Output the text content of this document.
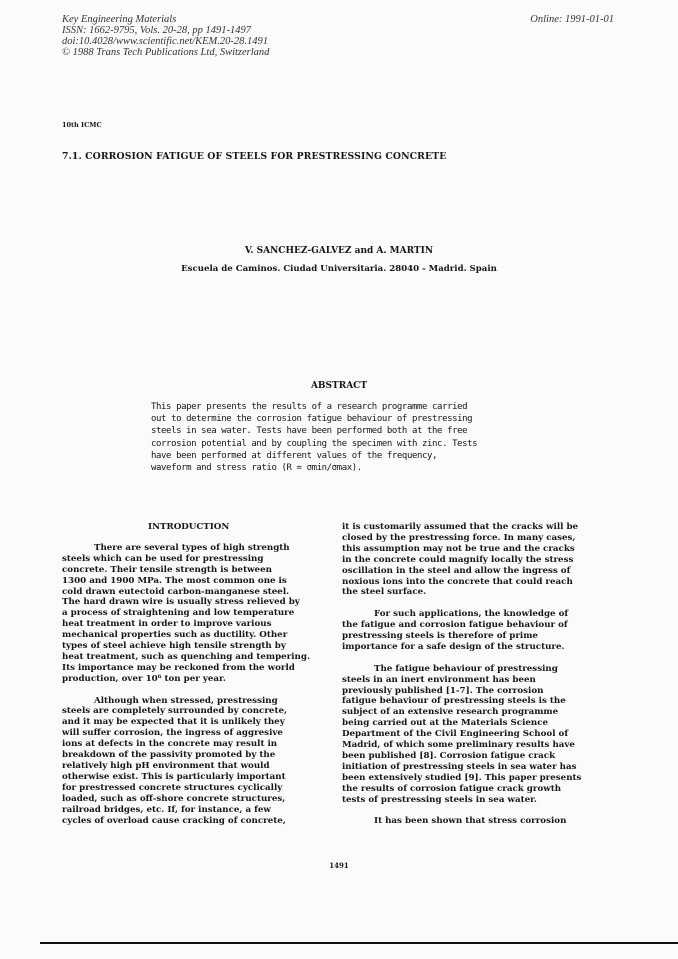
Key Engineering Materials
ISSN: 1662-9795, Vols. 20-28, pp 1491-1497
doi:10.4028/www.scientific.net/KEM.20-28.1491
© 1988 Trans Tech Publications Ltd, Switzerland
Online: 1991-01-01
10th ICMC
7.1. CORROSION FATIGUE OF STEELS FOR PRESTRESSING CONCRETE
V. SANCHEZ-GALVEZ and A. MARTIN
Escuela de Caminos. Ciudad Universitaria. 28040 - Madrid. Spain
ABSTRACT
This paper presents the results of a research programme carried
out to determine the corrosion fatigue behaviour of prestressing
steels in sea water. Tests have been performed both at the free
corrosion potential and by coupling the specimen with zinc. Tests
have been performed at different values of the frequency,
waveform and stress ratio (R = σmin/σmax).
INTRODUCTION
There are several types of high strength
steels which can be used for prestressing
concrete. Their tensile strength is between
1300 and 1900 MPa. The most common one is
cold drawn eutectoid carbon-manganese steel.
The hard drawn wire is usually stress relieved by
a process of straightening and low temperature
heat treatment in order to improve various
mechanical properties such as ductility. Other
types of steel achieve high tensile strength by
heat treatment, such as quenching and tempering.
Its importance may be reckoned from the world
production, over 10⁶ ton per year.
Although when stressed, prestressing
steels are completely surrounded by concrete,
and it may be expected that it is unlikely they
will suffer corrosion, the ingress of aggresive
ions at defects in the concrete may result in
breakdown of the passivity promoted by the
relatively high pH environment that would
otherwise exist. This is particularly important
for prestressed concrete structures cyclically
loaded, such as off-shore concrete structures,
railroad bridges, etc. If, for instance, a few
cycles of overload cause cracking of concrete,
it is customarily assumed that the cracks will be
closed by the prestressing force. In many cases,
this assumption may not be true and the cracks
in the concrete could magnify locally the stress
oscillation in the steel and allow the ingress of
noxious ions into the concrete that could reach
the steel surface.
For such applications, the knowledge of
the fatigue and corrosion fatigue behaviour of
prestressing steels is therefore of prime
importance for a safe design of the structure.
The fatigue behaviour of prestressing
steels in an inert environment has been
previously published [1-7]. The corrosion
fatigue behaviour of prestressing steels is the
subject of an extensive research programme
being carried out at the Materials Science
Department of the Civil Engineering School of
Madrid, of which some preliminary results have
been published [8]. Corrosion fatigue crack
initiation of prestressing steels in sea water has
been extensively studied [9]. This paper presents
the results of corrosion fatigue crack growth
tests of prestressing steels in sea water.
It has been shown that stress corrosion
1491
